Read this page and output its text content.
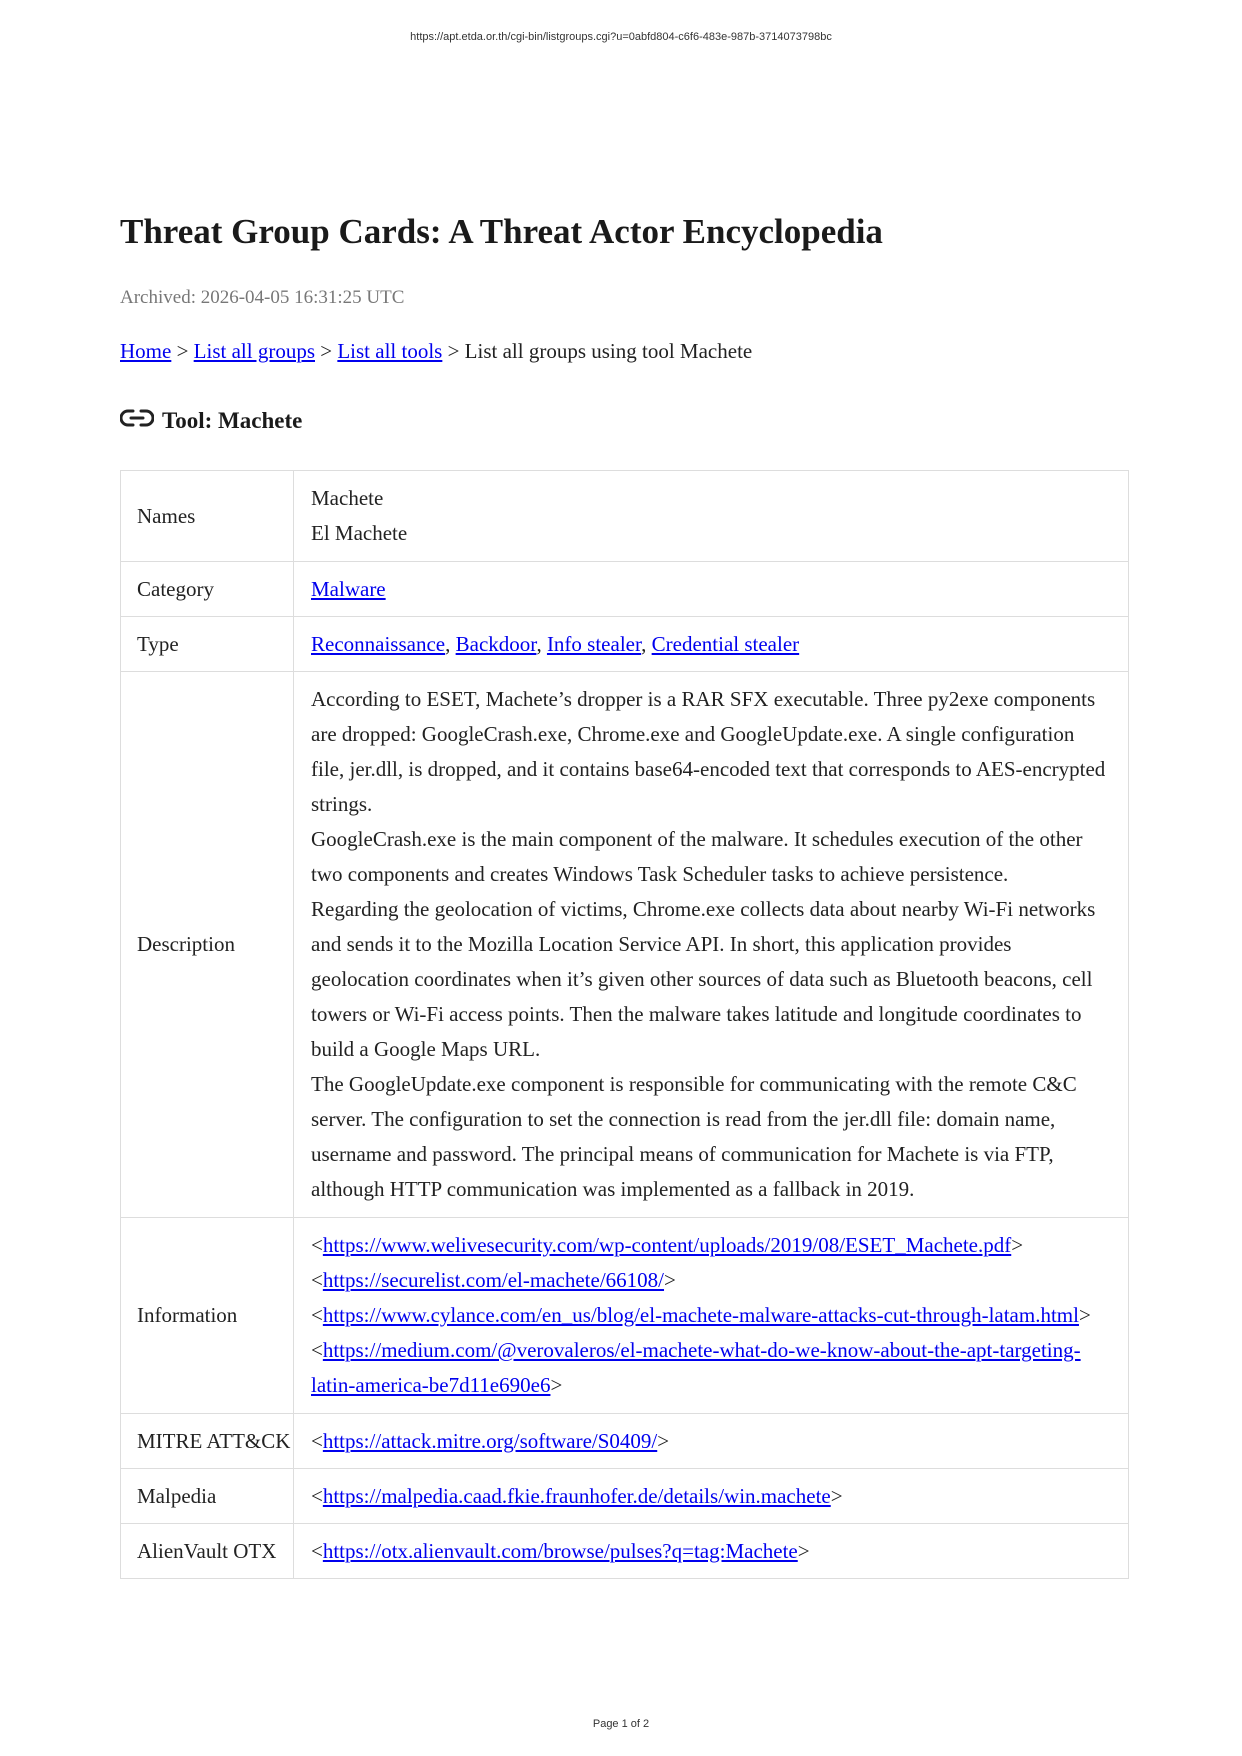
https://apt.etda.or.th/cgi-bin/listgroups.cgi?u=0abfd804-c6f6-483e-987b-3714073798bc
Threat Group Cards: A Threat Actor Encyclopedia
Archived: 2026-04-05 16:31:25 UTC
Home > List all groups > List all tools > List all groups using tool Machete
Tool: Machete
Names	Machete
El Machete

Category	Malware
Type	Reconnaissance, Backdoor, Info stealer, Credential stealer
Description	According to ESET, Machete’s dropper is a RAR SFX executable. Three py2exe components are dropped: GoogleCrash.exe, Chrome.exe and GoogleUpdate.exe. A single configuration file, jer.dll, is dropped, and it contains base64-encoded text that corresponds to AES-encrypted strings.
GoogleCrash.exe is the main component of the malware. It schedules execution of the other two components and creates Windows Task Scheduler tasks to achieve persistence.
Regarding the geolocation of victims, Chrome.exe collects data about nearby Wi-Fi networks and sends it to the Mozilla Location Service API. In short, this application provides geolocation coordinates when it’s given other sources of data such as Bluetooth beacons, cell towers or Wi-Fi access points. Then the malware takes latitude and longitude coordinates to build a Google Maps URL.
The GoogleUpdate.exe component is responsible for communicating with the remote C&C server. The configuration to set the connection is read from the jer.dll file: domain name, username and password. The principal means of communication for Machete is via FTP, although HTTP communication was implemented as a fallback in 2019.

Information	<https://www.welivesecurity.com/wp-content/uploads/2019/08/ESET_Machete.pdf>
<https://securelist.com/el-machete/66108/>
<https://www.cylance.com/en_us/blog/el-machete-malware-attacks-cut-through-latam.html>
<https://medium.com/@verovaleros/el-machete-what-do-we-know-about-the-apt-targeting-latin-america-be7d11e690e6>

MITRE ATT&CK	<https://attack.mitre.org/software/S0409/>
Malpedia	<https://malpedia.caad.fkie.fraunhofer.de/details/win.machete>
AlienVault OTX	<https://otx.alienvault.com/browse/pulses?q=tag:Machete>
Page 1 of 2
